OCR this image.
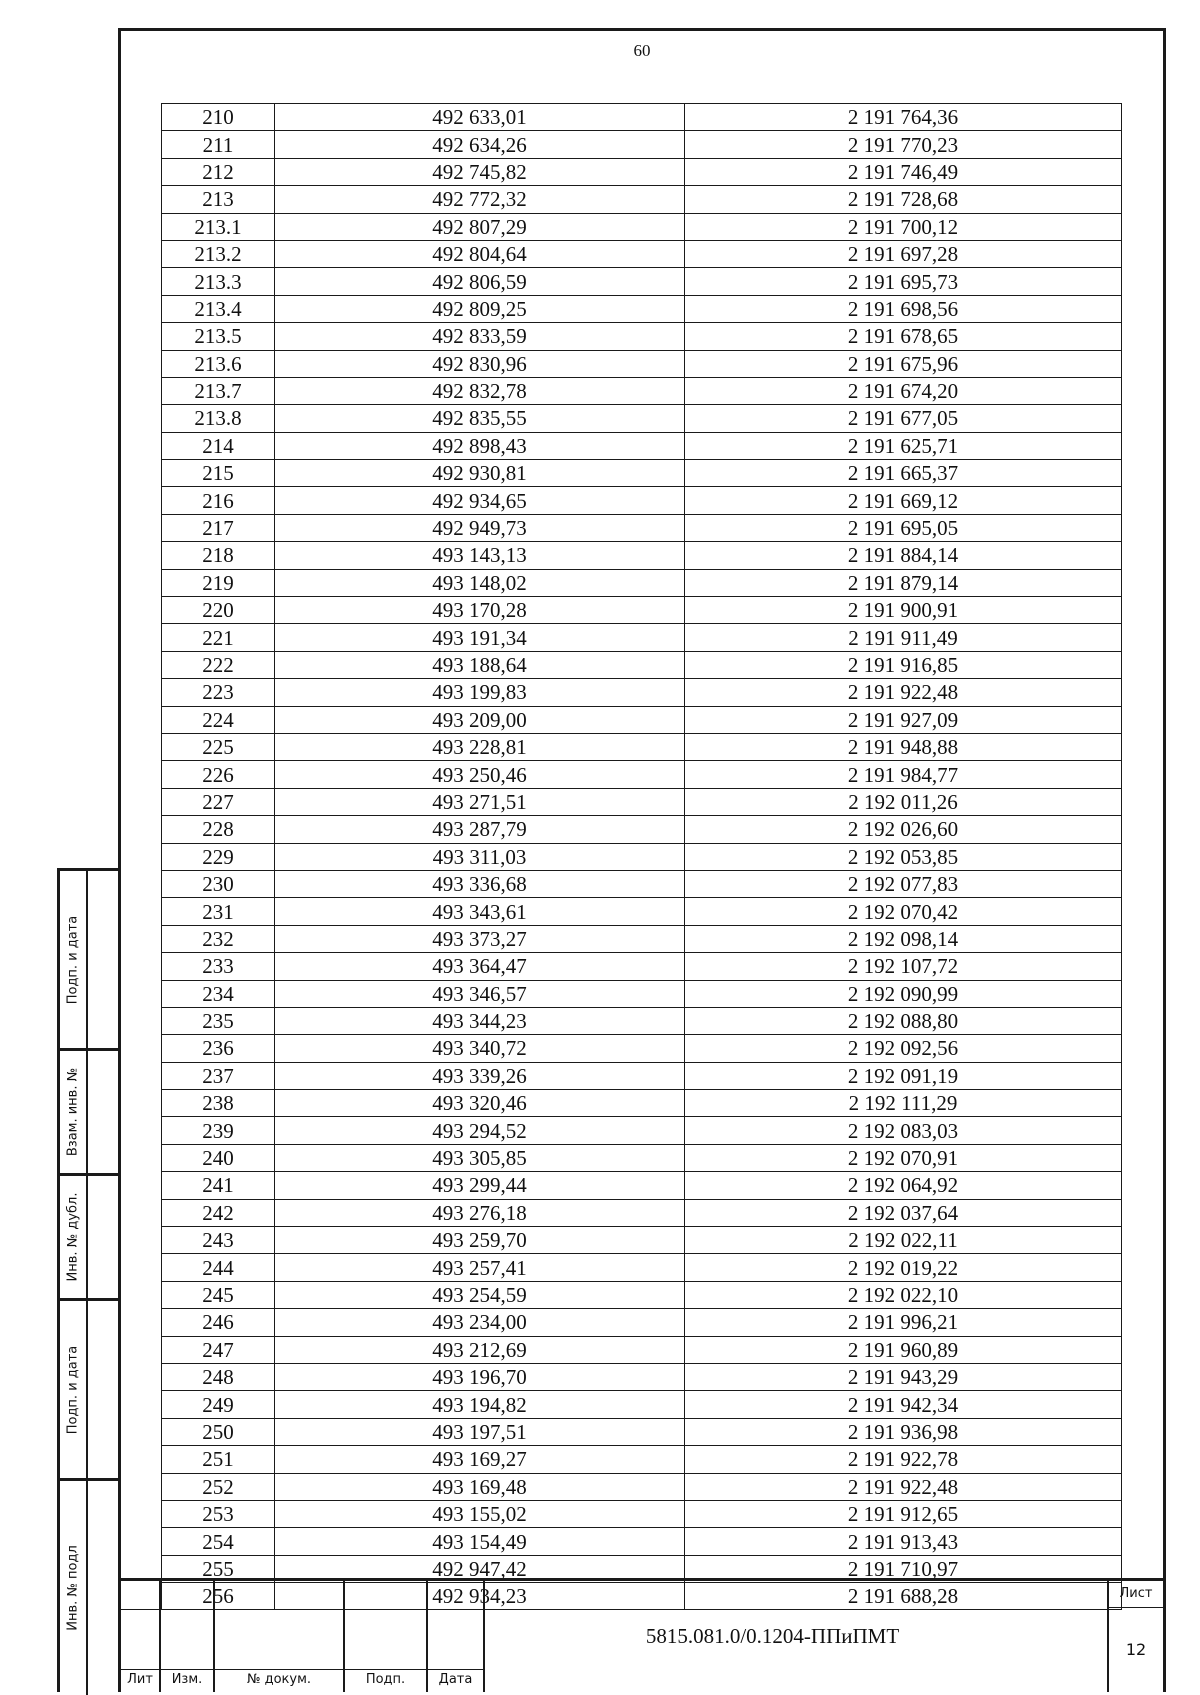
60
210	492 633,01	2 191 764,36
211	492 634,26	2 191 770,23
212	492 745,82	2 191 746,49
213	492 772,32	2 191 728,68
213.1	492 807,29	2 191 700,12
213.2	492 804,64	2 191 697,28
213.3	492 806,59	2 191 695,73
213.4	492 809,25	2 191 698,56
213.5	492 833,59	2 191 678,65
213.6	492 830,96	2 191 675,96
213.7	492 832,78	2 191 674,20
213.8	492 835,55	2 191 677,05
214	492 898,43	2 191 625,71
215	492 930,81	2 191 665,37
216	492 934,65	2 191 669,12
217	492 949,73	2 191 695,05
218	493 143,13	2 191 884,14
219	493 148,02	2 191 879,14
220	493 170,28	2 191 900,91
221	493 191,34	2 191 911,49
222	493 188,64	2 191 916,85
223	493 199,83	2 191 922,48
224	493 209,00	2 191 927,09
225	493 228,81	2 191 948,88
226	493 250,46	2 191 984,77
227	493 271,51	2 192 011,26
228	493 287,79	2 192 026,60
229	493 311,03	2 192 053,85
230	493 336,68	2 192 077,83
231	493 343,61	2 192 070,42
232	493 373,27	2 192 098,14
233	493 364,47	2 192 107,72
234	493 346,57	2 192 090,99
235	493 344,23	2 192 088,80
236	493 340,72	2 192 092,56
237	493 339,26	2 192 091,19
238	493 320,46	2 192 111,29
239	493 294,52	2 192 083,03
240	493 305,85	2 192 070,91
241	493 299,44	2 192 064,92
242	493 276,18	2 192 037,64
243	493 259,70	2 192 022,11
244	493 257,41	2 192 019,22
245	493 254,59	2 192 022,10
246	493 234,00	2 191 996,21
247	493 212,69	2 191 960,89
248	493 196,70	2 191 943,29
249	493 194,82	2 191 942,34
250	493 197,51	2 191 936,98
251	493 169,27	2 191 922,78
252	493 169,48	2 191 922,48
253	493 155,02	2 191 912,65
254	493 154,49	2 191 913,43
255	492 947,42	2 191 710,97
256	492 934,23	2 191 688,28
Подп. и дата
Взам. инв. №
Инв. № дубл.
Подп. и дата
Инв. № подл
Лит	Изм.	№ докум.	Подп.	Дата
5815.081.0/0.1204-ППиПМТ
Лист
12
